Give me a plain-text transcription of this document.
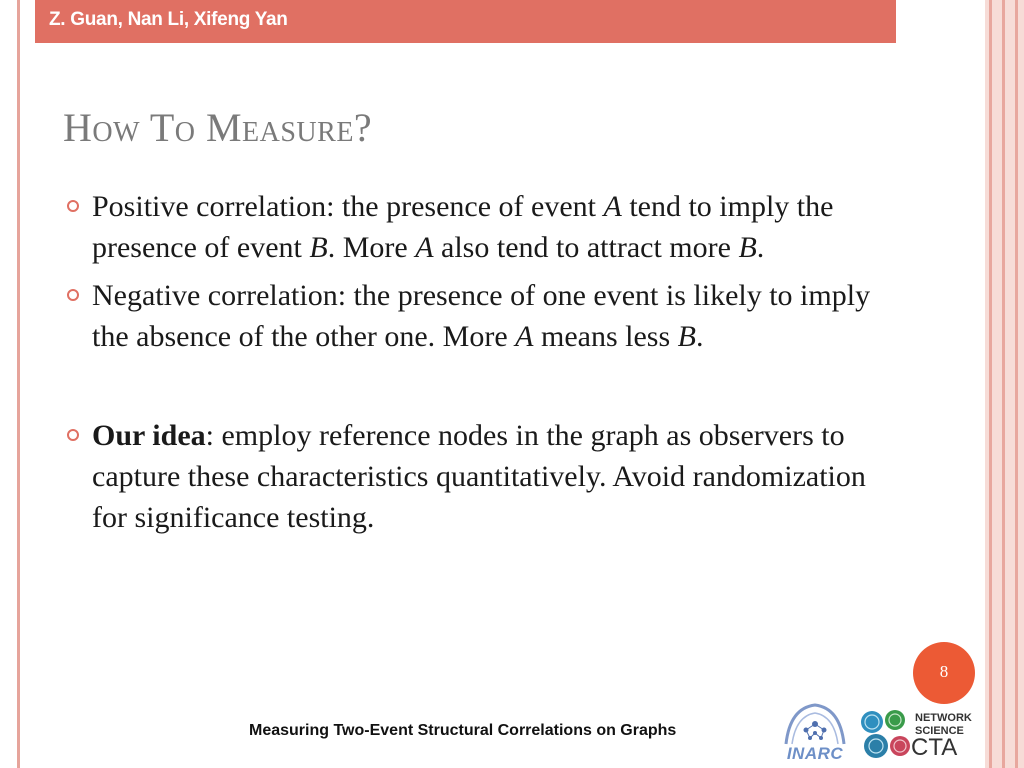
Z. Guan, Nan Li, Xifeng Yan
How To Measure?
Positive correlation: the presence of event A tend to imply the presence of event B. More A also tend to attract more B.
Negative correlation: the presence of one event is likely to imply the absence of the other one. More A means less B.
Our idea: employ reference nodes in the graph as observers to capture these characteristics quantitatively. Avoid randomization for significance testing.
8
Measuring Two-Event Structural Correlations on Graphs
INARC
NETWORK
SCIENCE
CTA
